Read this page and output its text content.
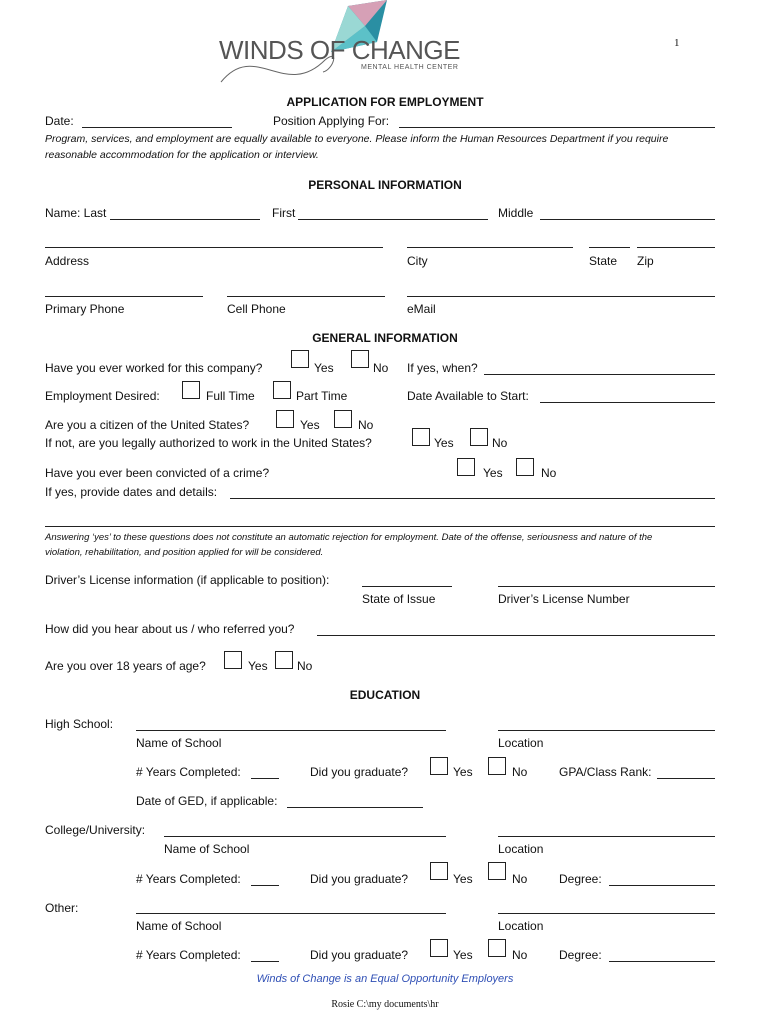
1
WINDS OF CHANGE
MENTAL HEALTH CENTER
APPLICATION FOR EMPLOYMENT
Date:	Position Applying For:
Program, services, and employment are equally available to everyone. Please inform the Human Resources Department if you require
reasonable accommodation for the application or interview.
PERSONAL INFORMATION
Name: Last	First	Middle
Address	City	State Zip
Primary Phone	Cell Phone	eMail
GENERAL INFORMATION
Have you ever worked for this company?	Yes	No If yes, when?
Employment Desired:	Full Time	Part Time	Date Available to Start:
Are you a citizen of the United States?	Yes	No
If not, are you legally authorized to work in the United States?	Yes	No
Have you ever been convicted of a crime?	Yes	No
If yes, provide dates and details:
Answering ‘yes’ to these questions does not constitute an automatic rejection for employment. Date of the offense, seriousness and nature of the
violation, rehabilitation, and position applied for will be considered.
Driver’s License information (if applicable to position):
State of Issue	Driver’s License Number
How did you hear about us / who referred you?
Are you over 18 years of age?	Yes No
EDUCATION
High School:
Name of School	Location
# Years Completed:	Did you graduate?	Yes	No	GPA/Class Rank:
Date of GED, if applicable:
College/University:
Name of School	Location
# Years Completed:	Did you graduate?	Yes	No	Degree:
Other:
Name of School	Location
# Years Completed:	Did you graduate?	Yes	No	Degree:
Winds of Change is an Equal Opportunity Employers
Rosie C:\my documents\hr
